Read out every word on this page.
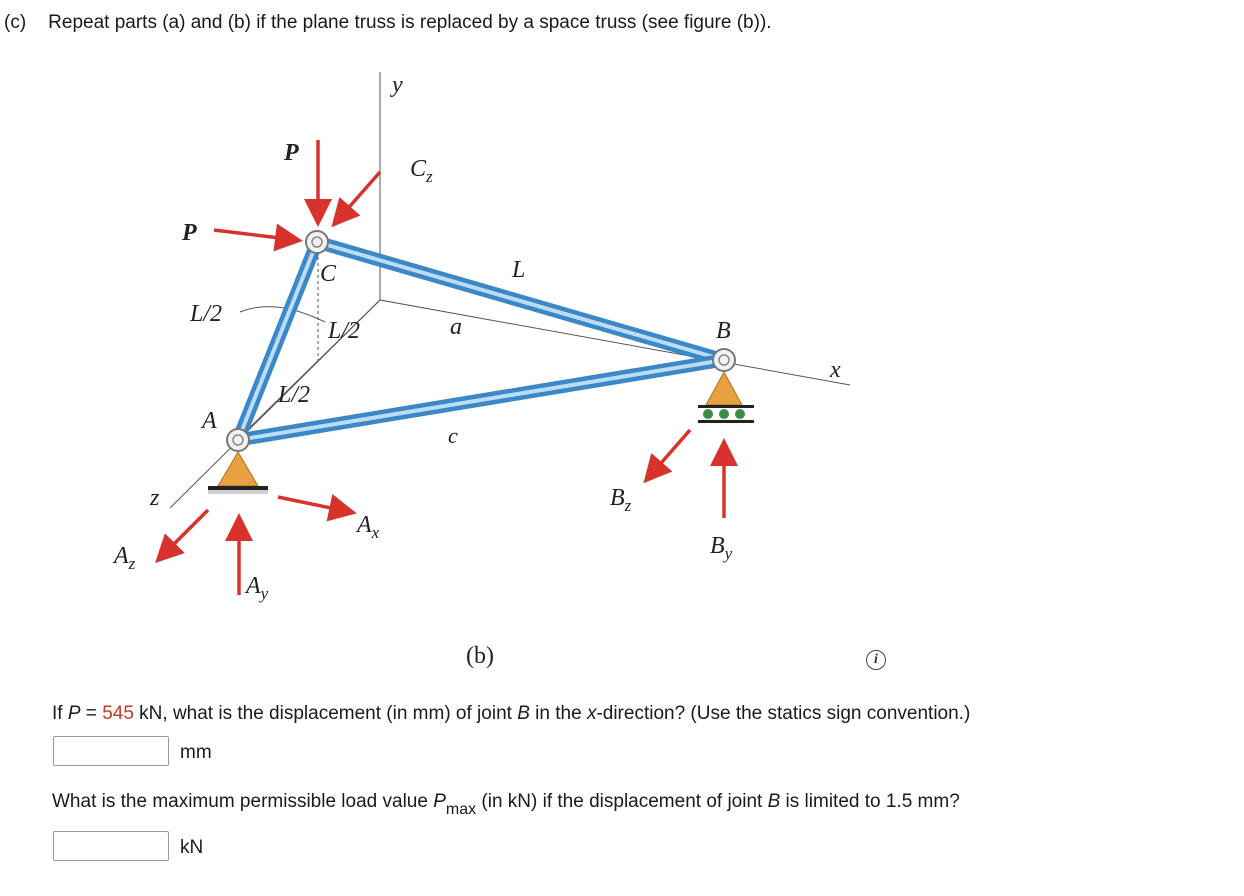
(c) Repeat parts (a) and (b) if the plane truss is replaced by a space truss (see figure (b)).
y
x
z
P
P
$C_z$
C	L
L/2
L/2
L/2
a
c
B
A
$A_x$
$A_y$
$A_z$
$B_z$
$B_y$
(b)	i
If P = 545 kN, what is the displacement (in mm) of joint B in the x-direction? (Use the statics sign convention.)
mm
What is the maximum permissible load value $P_{max}$ (in kN) if the displacement of joint B is limited to 1.5 mm?
kN
